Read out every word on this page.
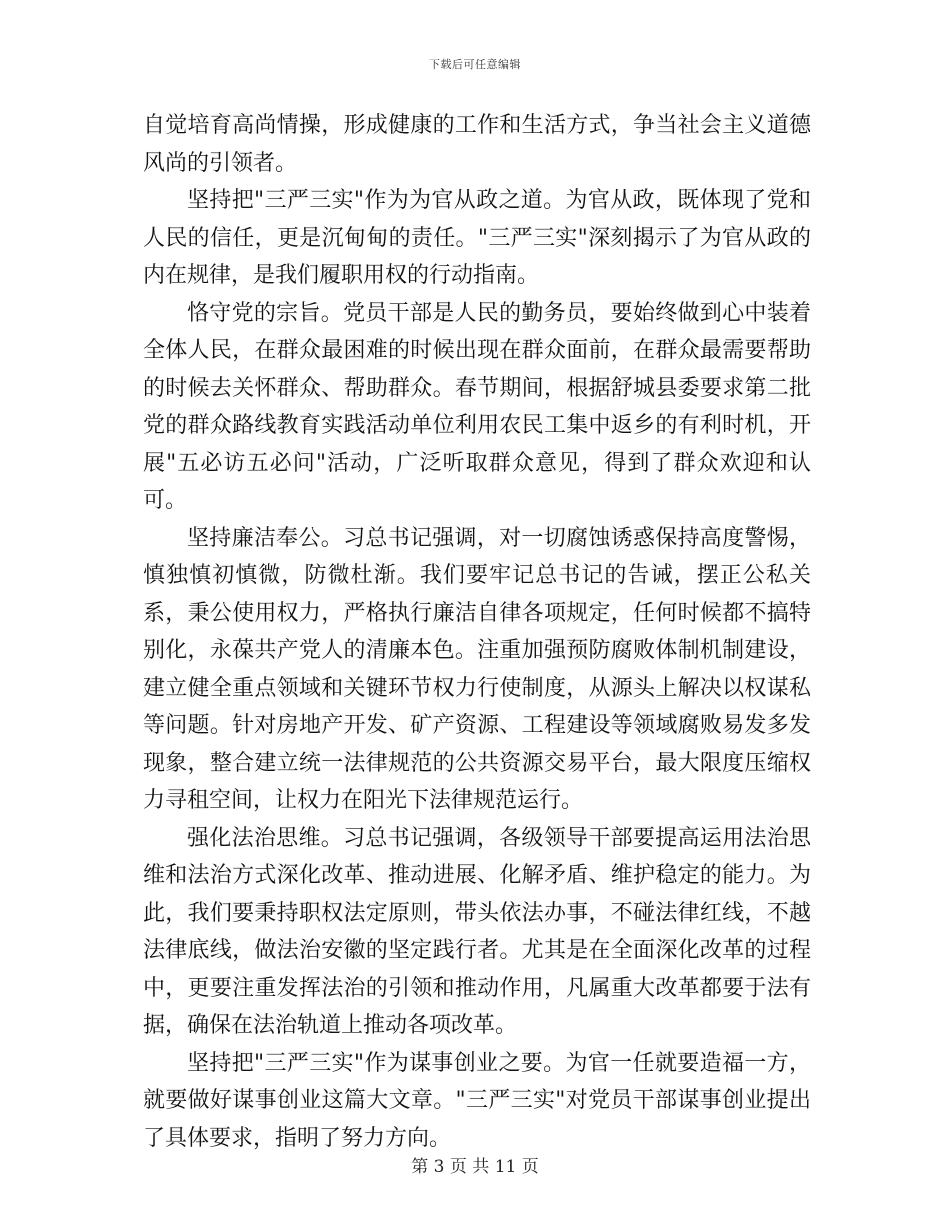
下载后可任意编辑

自觉培育高尚情操，形成健康的工作和生活方式，争当社会主义道德风尚的引领者。

坚持把"三严三实"作为为官从政之道。为官从政，既体现了党和人民的信任，更是沉甸甸的责任。"三严三实"深刻揭示了为官从政的内在规律，是我们履职用权的行动指南。

恪守党的宗旨。党员干部是人民的勤务员，要始终做到心中装着全体人民，在群众最困难的时候出现在群众面前，在群众最需要帮助的时候去关怀群众、帮助群众。春节期间，根据舒城县委要求第二批党的群众路线教育实践活动单位利用农民工集中返乡的有利时机，开展"五必访五必问"活动，广泛听取群众意见，得到了群众欢迎和认可。

坚持廉洁奉公。习总书记强调，对一切腐蚀诱惑保持高度警惕，慎独慎初慎微，防微杜渐。我们要牢记总书记的告诫，摆正公私关系，秉公使用权力，严格执行廉洁自律各项规定，任何时候都不搞特别化，永葆共产党人的清廉本色。注重加强预防腐败体制机制建设，建立健全重点领域和关键环节权力行使制度，从源头上解决以权谋私等问题。针对房地产开发、矿产资源、工程建设等领域腐败易发多发现象，整合建立统一法律规范的公共资源交易平台，最大限度压缩权力寻租空间，让权力在阳光下法律规范运行。

强化法治思维。习总书记强调，各级领导干部要提高运用法治思维和法治方式深化改革、推动进展、化解矛盾、维护稳定的能力。为此，我们要秉持职权法定原则，带头依法办事，不碰法律红线，不越法律底线，做法治安徽的坚定践行者。尤其是在全面深化改革的过程中，更要注重发挥法治的引领和推动作用，凡属重大改革都要于法有据，确保在法治轨道上推动各项改革。

坚持把"三严三实"作为谋事创业之要。为官一任就要造福一方，就要做好谋事创业这篇大文章。"三严三实"对党员干部谋事创业提出了具体要求，指明了努力方向。

第 3 页 共 11 页
